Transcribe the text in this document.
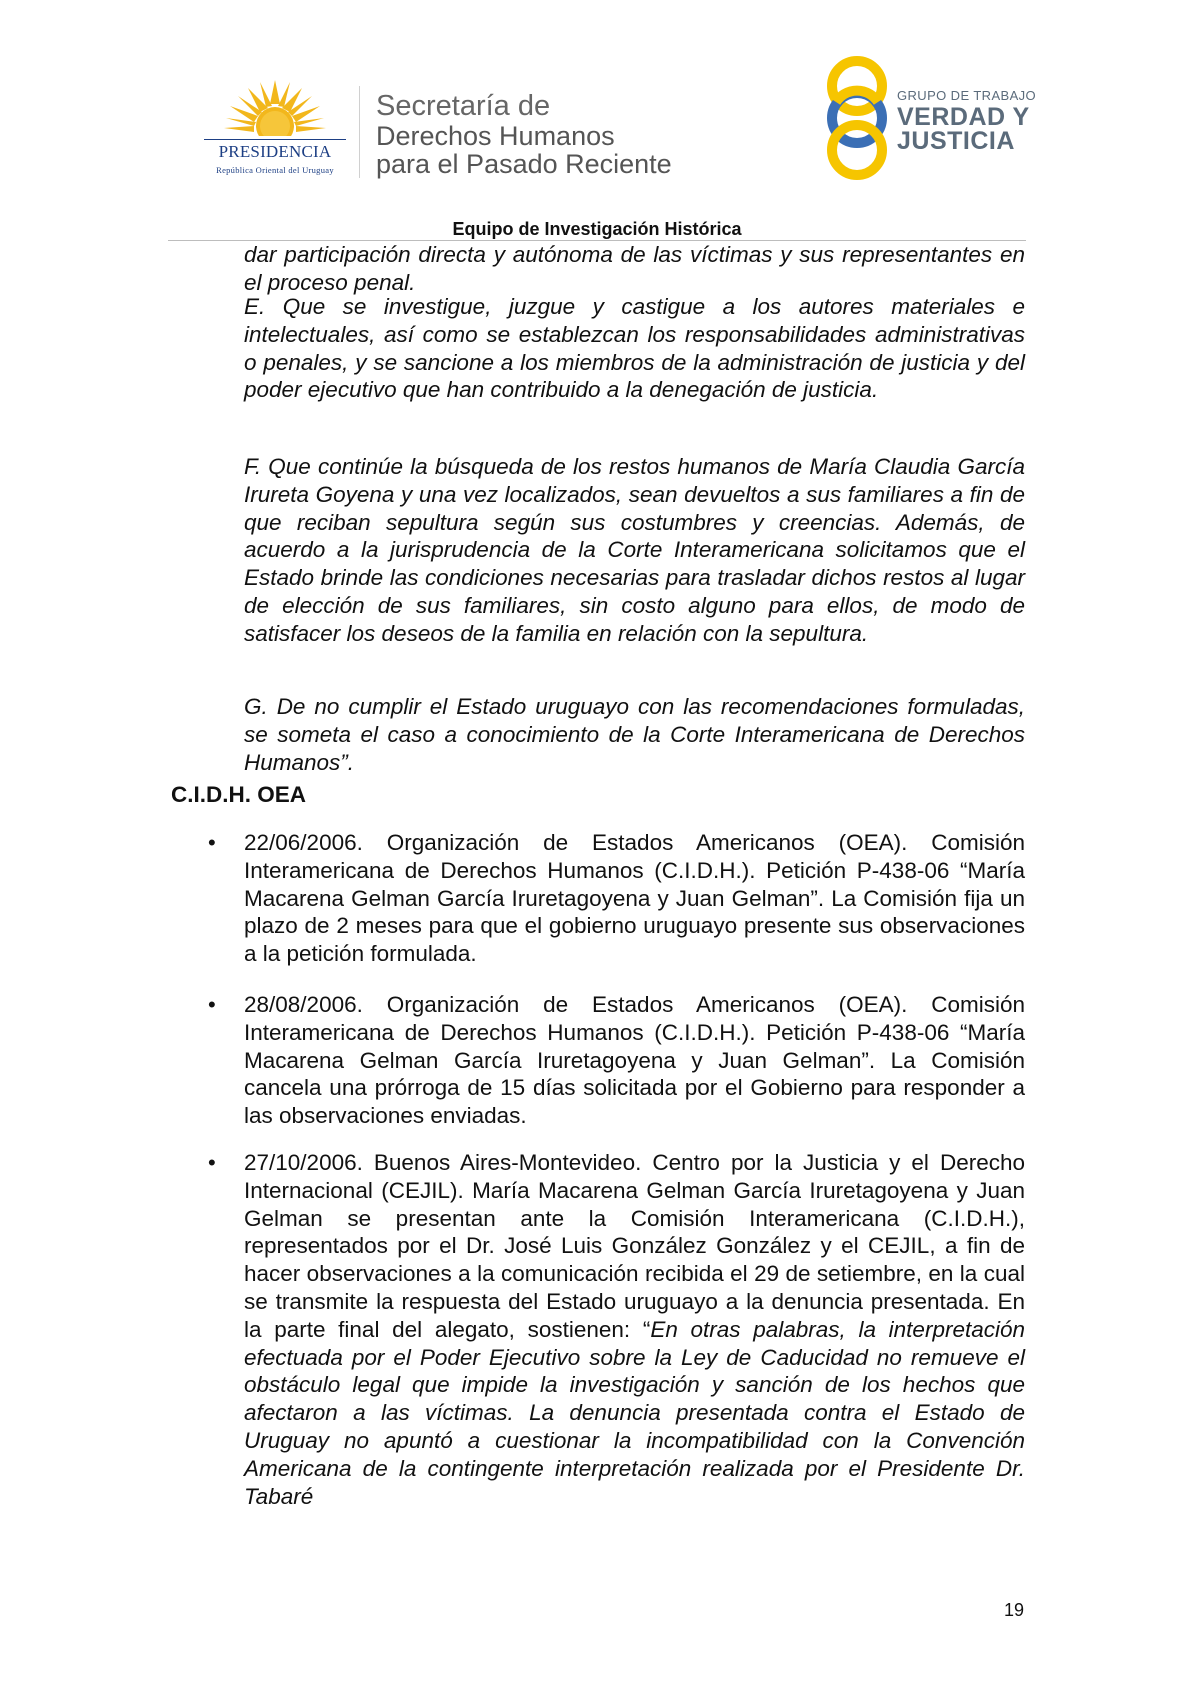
PRESIDENCIA
República Oriental del Uruguay
Secretaría de
Derechos Humanos
para el Pasado Reciente
GRUPO DE TRABAJO
VERDAD Y
JUSTICIA
Equipo de Investigación Histórica
dar participación directa y autónoma de las víctimas y sus representantes en el proceso penal.
E. Que se investigue, juzgue y castigue a los autores materiales e intelectuales, así como se establezcan los responsabilidades administrativas o penales, y se sancione a los miembros de la administración de justicia y del poder ejecutivo que han contribuido a la denegación de justicia.
F. Que continúe la búsqueda de los restos humanos de María Claudia García Irureta Goyena y una vez localizados, sean devueltos a sus familiares a fin de que reciban sepultura según sus costumbres y creencias. Además, de acuerdo a la jurisprudencia de la Corte Interamericana solicitamos que el Estado brinde las condiciones necesarias para trasladar dichos restos al lugar de elección de sus familiares, sin costo alguno para ellos, de modo de satisfacer los deseos de la familia en relación con la sepultura.
G. De no cumplir el Estado uruguayo con las recomendaciones formuladas, se someta el caso a conocimiento de la Corte Interamericana de Derechos Humanos”.
C.I.D.H. OEA
• 22/06/2006. Organización de Estados Americanos (OEA). Comisión Interamericana de Derechos Humanos (C.I.D.H.). Petición P-438-06 “María Macarena Gelman García Iruretagoyena y Juan Gelman”. La Comisión fija un plazo de 2 meses para que el gobierno uruguayo presente sus observaciones a la petición formulada.
• 28/08/2006. Organización de Estados Americanos (OEA). Comisión Interamericana de Derechos Humanos (C.I.D.H.). Petición P-438-06 “María Macarena Gelman García Iruretagoyena y Juan Gelman”. La Comisión cancela una prórroga de 15 días solicitada por el Gobierno para responder a las observaciones enviadas.
• 27/10/2006. Buenos Aires-Montevideo. Centro por la Justicia y el Derecho Internacional (CEJIL). María Macarena Gelman García Iruretagoyena y Juan Gelman se presentan ante la Comisión Interamericana (C.I.D.H.), representados por el Dr. José Luis González González y el CEJIL, a fin de hacer observaciones a la comunicación recibida el 29 de setiembre, en la cual se transmite la respuesta del Estado uruguayo a la denuncia presentada. En la parte final del alegato, sostienen: “En otras palabras, la interpretación efectuada por el Poder Ejecutivo sobre la Ley de Caducidad no remueve el obstáculo legal que impide la investigación y sanción de los hechos que afectaron a las víctimas. La denuncia presentada contra el Estado de Uruguay no apuntó a cuestionar la incompatibilidad con la Convención Americana de la contingente interpretación realizada por el Presidente Dr. Tabaré
19
